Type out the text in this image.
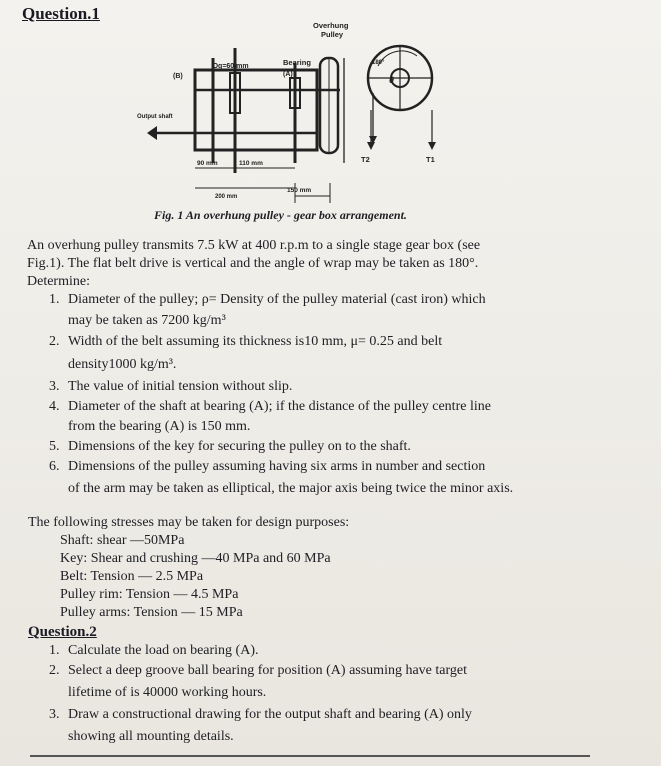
Question.1
Overhung
Pulley
Dg=60 mm	Bearing
(A)
(B)
Output shaft
90 mm	110 mm
200 mm
150 mm
T2	T1
θ
180°
Fig. 1 An overhung pulley - gear box arrangement.
An overhung pulley transmits 7.5 kW at 400 r.p.m to a single stage gear box (see
Fig.1). The flat belt drive is vertical and the angle of wrap may be taken as 180°.
Determine:
1. Diameter of the pulley; ρ= Density of the pulley material (cast iron) which
may be taken as 7200 kg/m³
2. Width of the belt assuming its thickness is10 mm, μ= 0.25 and belt
density1000 kg/m³.
3. The value of initial tension without slip.
4. Diameter of the shaft at bearing (A); if the distance of the pulley centre line
from the bearing (A) is 150 mm.
5. Dimensions of the key for securing the pulley on to the shaft.
6. Dimensions of the pulley assuming having six arms in number and section
of the arm may be taken as elliptical, the major axis being twice the minor axis.
The following stresses may be taken for design purposes:
Shaft: shear —50MPa
Key: Shear and crushing —40 MPa and 60 MPa
Belt: Tension — 2.5 MPa
Pulley rim: Tension — 4.5 MPa
Pulley arms: Tension — 15 MPa
Question.2
1. Calculate the load on bearing (A).
2. Select a deep groove ball bearing for position (A) assuming have target
lifetime of is 40000 working hours.
3. Draw a constructional drawing for the output shaft and bearing (A) only
showing all mounting details.
